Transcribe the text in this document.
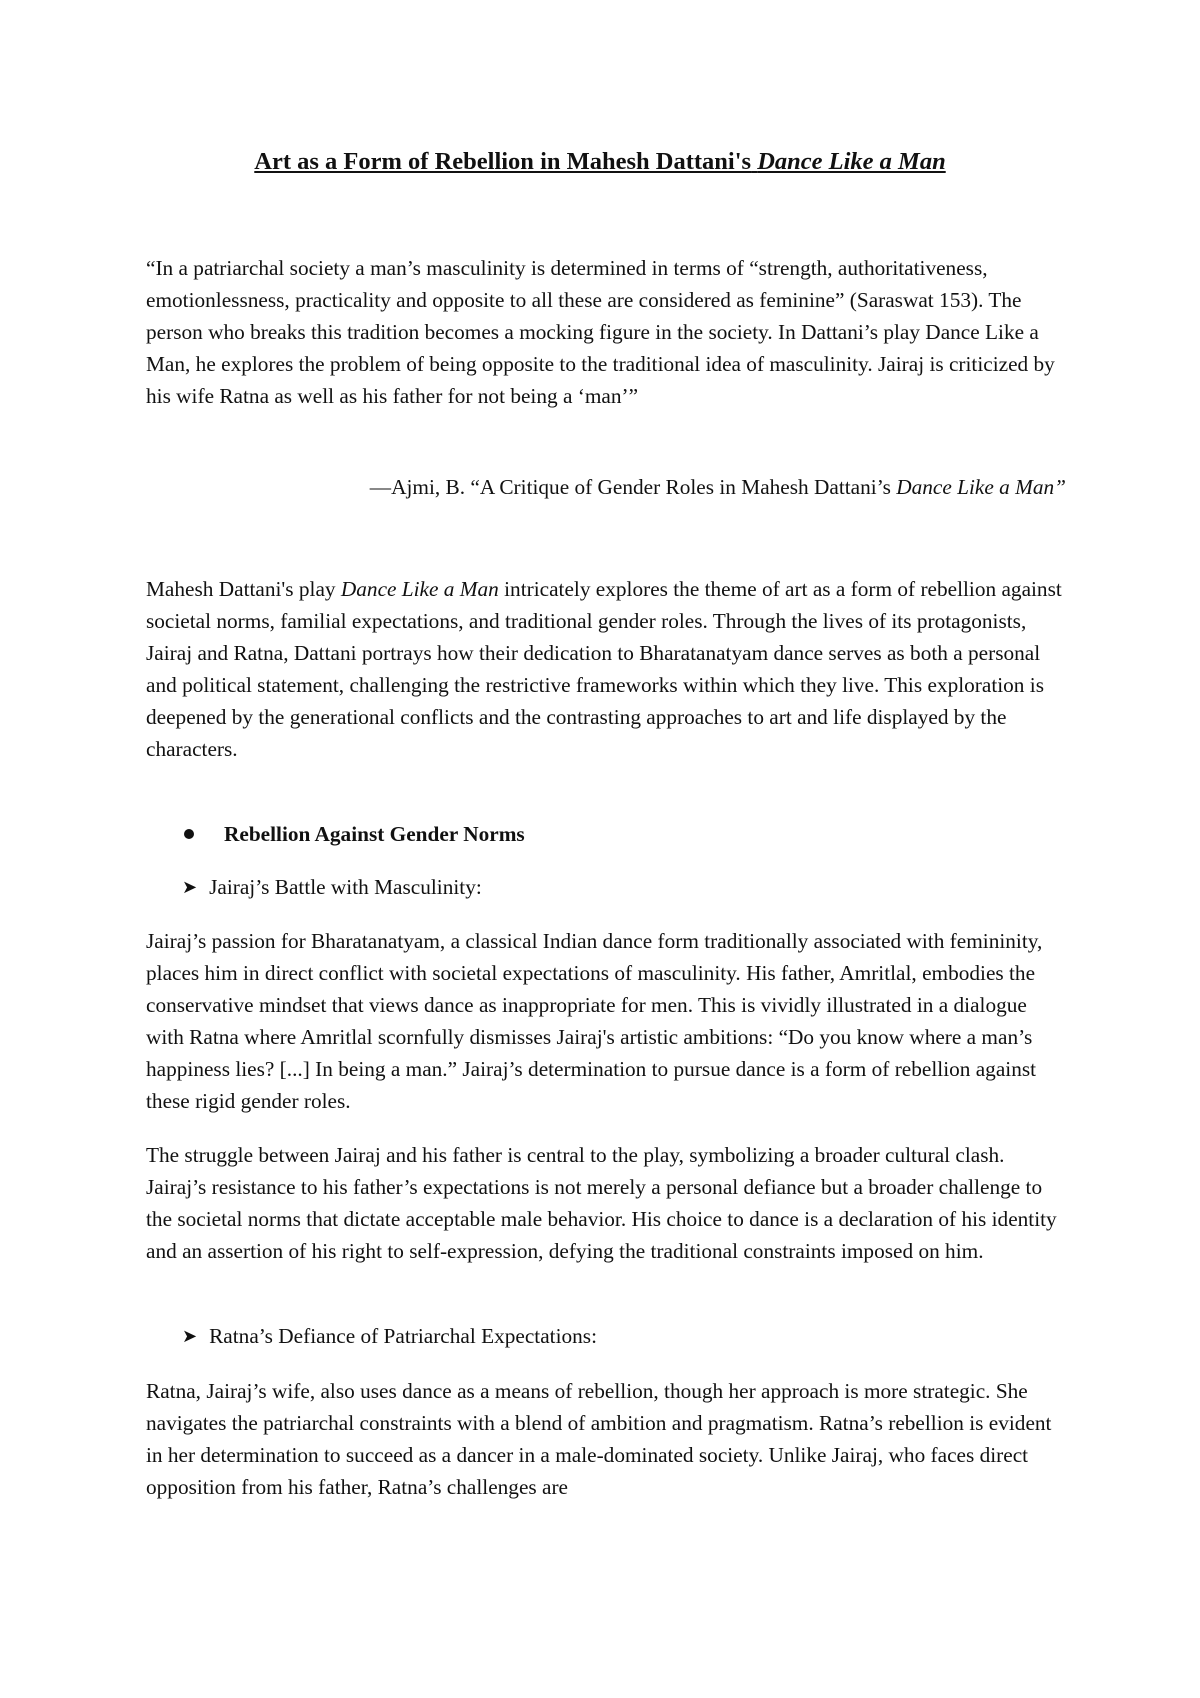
Art as a Form of Rebellion in Mahesh Dattani's Dance Like a Man

“In a patriarchal society a man’s masculinity is determined in terms of “strength, authoritativeness, emotionlessness, practicality and opposite to all these are considered as feminine” (Saraswat 153). The person who breaks this tradition becomes a mocking figure in the society. In Dattani’s play Dance Like a Man, he explores the problem of being opposite to the traditional idea of masculinity. Jairaj is criticized by his wife Ratna as well as his father for not being a ‘man’”

—Ajmi, B. “A Critique of Gender Roles in Mahesh Dattani’s Dance Like a Man”

Mahesh Dattani's play Dance Like a Man intricately explores the theme of art as a form of rebellion against societal norms, familial expectations, and traditional gender roles. Through the lives of its protagonists, Jairaj and Ratna, Dattani portrays how their dedication to Bharatanatyam dance serves as both a personal and political statement, challenging the restrictive frameworks within which they live. This exploration is deepened by the generational conflicts and the contrasting approaches to art and life displayed by the characters.

Rebellion Against Gender Norms
➤ Jairaj’s Battle with Masculinity:

Jairaj’s passion for Bharatanatyam, a classical Indian dance form traditionally associated with femininity, places him in direct conflict with societal expectations of masculinity. His father, Amritlal, embodies the conservative mindset that views dance as inappropriate for men. This is vividly illustrated in a dialogue with Ratna where Amritlal scornfully dismisses Jairaj's artistic ambitions: “Do you know where a man’s happiness lies? [...] In being a man.” Jairaj’s determination to pursue dance is a form of rebellion against these rigid gender roles.

The struggle between Jairaj and his father is central to the play, symbolizing a broader cultural clash. Jairaj’s resistance to his father’s expectations is not merely a personal defiance but a broader challenge to the societal norms that dictate acceptable male behavior. His choice to dance is a declaration of his identity and an assertion of his right to self-expression, defying the traditional constraints imposed on him.

➤ Ratna’s Defiance of Patriarchal Expectations:

Ratna, Jairaj’s wife, also uses dance as a means of rebellion, though her approach is more strategic. She navigates the patriarchal constraints with a blend of ambition and pragmatism. Ratna’s rebellion is evident in her determination to succeed as a dancer in a male-dominated society. Unlike Jairaj, who faces direct opposition from his father, Ratna’s challenges are
